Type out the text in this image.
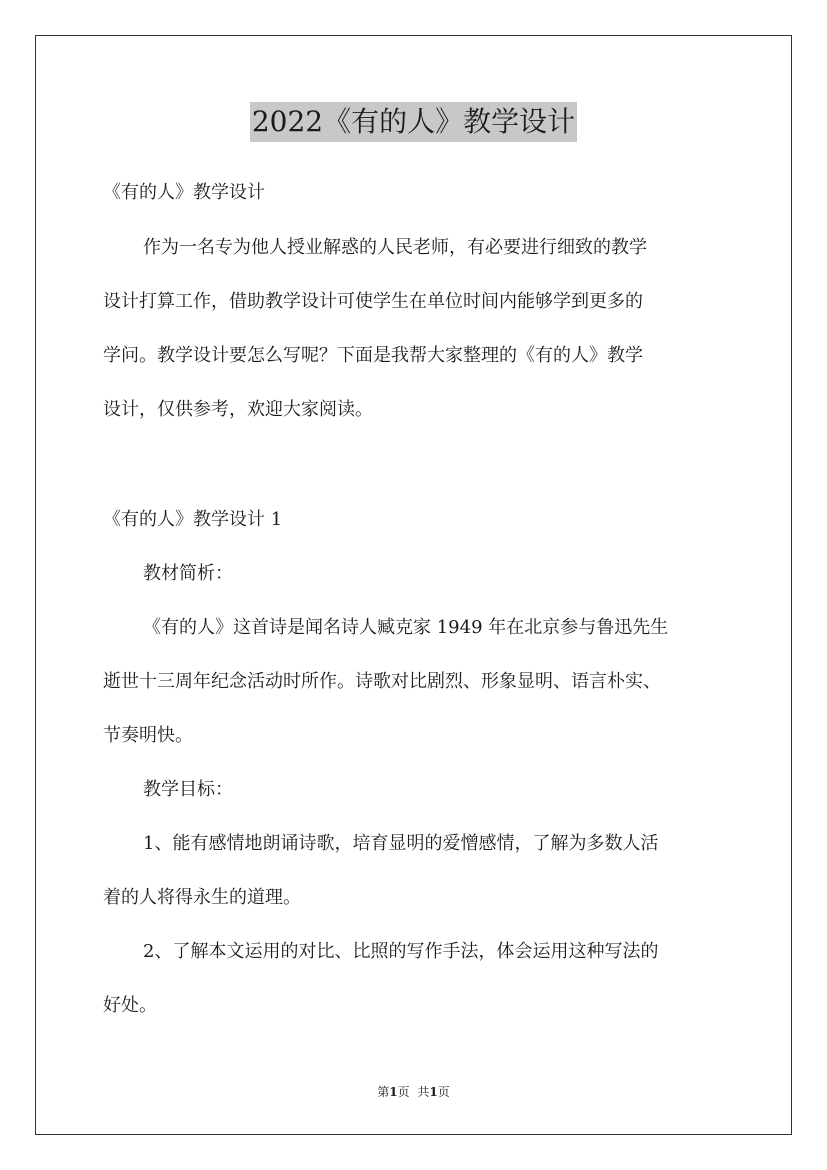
2022《有的人》教学设计
《有的人》教学设计
作为一名专为他人授业解惑的人民老师，有必要进行细致的教学
设计打算工作，借助教学设计可使学生在单位时间内能够学到更多的
学问。教学设计要怎么写呢？下面是我帮大家整理的《有的人》教学
设计，仅供参考，欢迎大家阅读。
《有的人》教学设计 1
教材简析：
《有的人》这首诗是闻名诗人臧克家 1949 年在北京参与鲁迅先生
逝世十三周年纪念活动时所作。诗歌对比剧烈、形象显明、语言朴实、
节奏明快。
教学目标：
1、能有感情地朗诵诗歌，培育显明的爱憎感情，了解为多数人活
着的人将得永生的道理。
2、了解本文运用的对比、比照的写作手法，体会运用这种写法的
好处。
第1页 共1页
